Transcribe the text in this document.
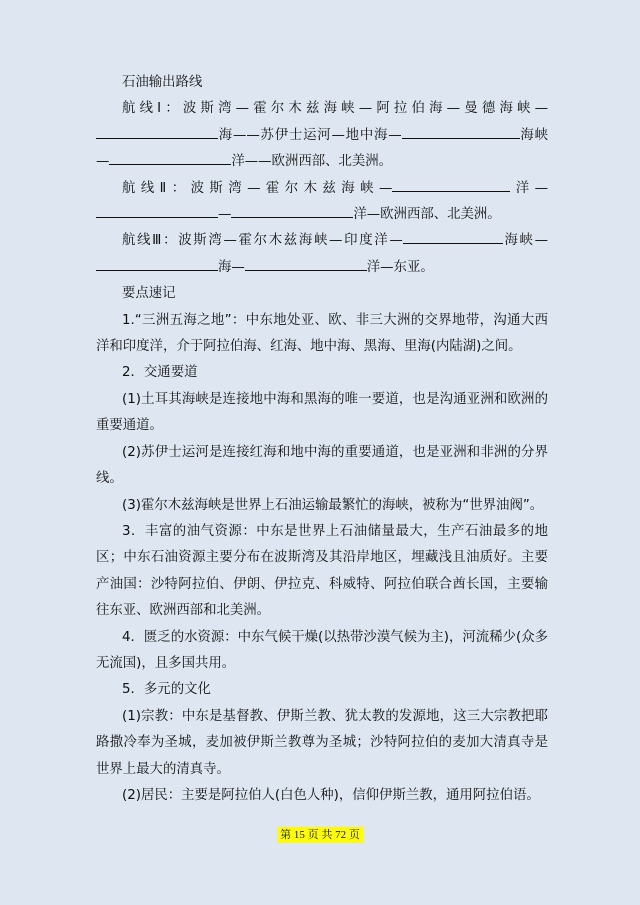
石油输出路线

航线Ⅰ：波斯湾—霍尔木兹海峡—阿拉伯海—曼德海峡—海——苏伊士运河—地中海—	海峡—	洋——欧洲西部、北美洲。

航线Ⅱ：波斯湾—霍尔木兹海峡—	洋——	洋—欧洲西部、北美洲。

航线Ⅲ：波斯湾—霍尔木兹海峡—印度洋—	海峡—海—	洋—东亚。

要点速记

1.“三洲五海之地”：中东地处亚、欧、非三大洲的交界地带，沟通大西洋和印度洋，介于阿拉伯海、红海、地中海、黑海、里海(内陆湖)之间。

2．交通要道

(1)土耳其海峡是连接地中海和黑海的唯一要道，也是沟通亚洲和欧洲的重要通道。

(2)苏伊士运河是连接红海和地中海的重要通道，也是亚洲和非洲的分界线。

(3)霍尔木兹海峡是世界上石油运输最繁忙的海峡，被称为“世界油阀”。

3．丰富的油气资源：中东是世界上石油储量最大，生产石油最多的地区；中东石油资源主要分布在波斯湾及其沿岸地区，埋藏浅且油质好。主要产油国：沙特阿拉伯、伊朗、伊拉克、科威特、阿拉伯联合酋长国，主要输往东亚、欧洲西部和北美洲。

4．匮乏的水资源：中东气候干燥(以热带沙漠气候为主)，河流稀少(众多无流国)，且多国共用。

5．多元的文化

(1)宗教：中东是基督教、伊斯兰教、犹太教的发源地，这三大宗教把耶路撒冷奉为圣城，麦加被伊斯兰教尊为圣城；沙特阿拉伯的麦加大清真寺是世界上最大的清真寺。

(2)居民：主要是阿拉伯人(白色人种)，信仰伊斯兰教，通用阿拉伯语。

第 15 页 共 72 页
